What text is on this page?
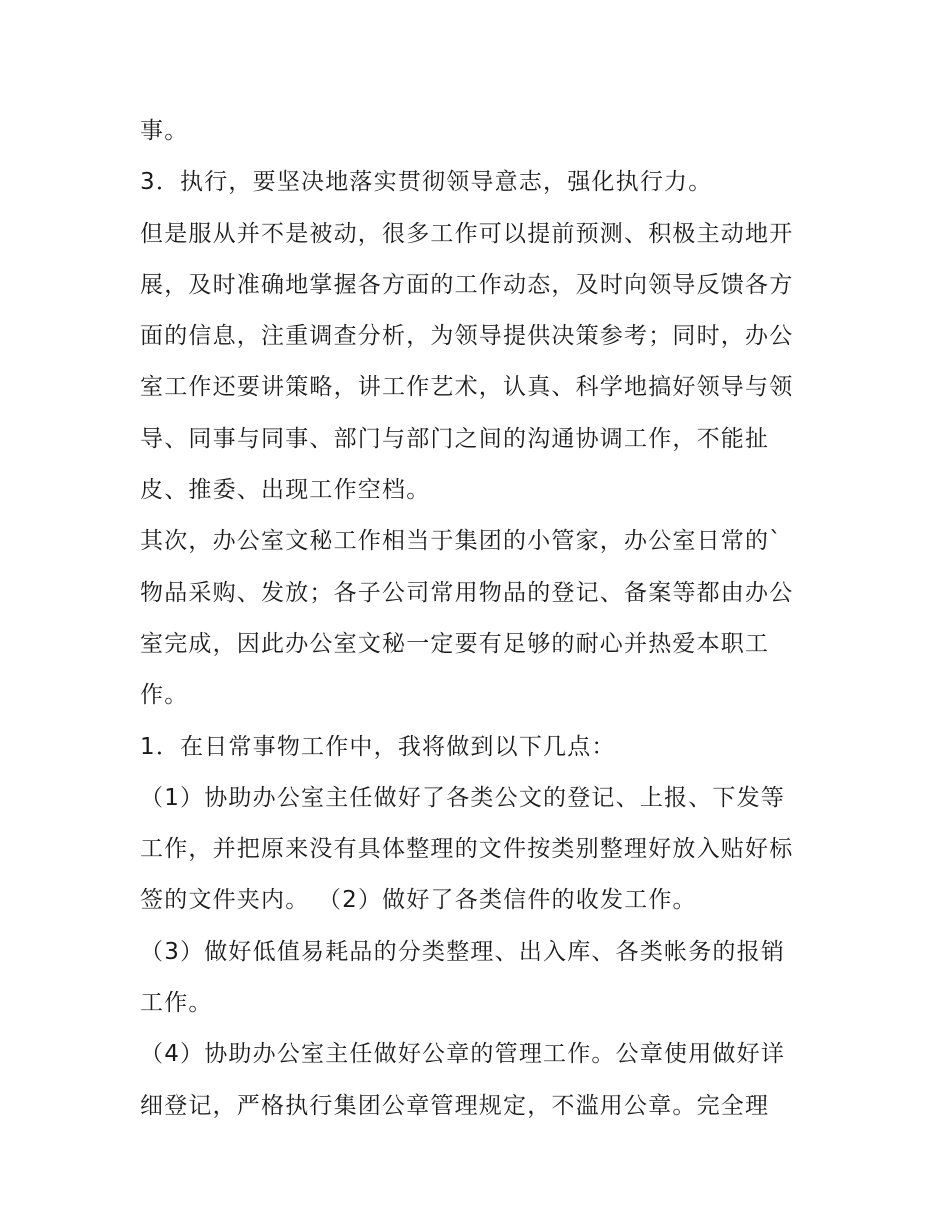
事。
3．执行，要坚决地落实贯彻领导意志，强化执行力。
但是服从并不是被动，很多工作可以提前预测、积极主动地开
展，及时准确地掌握各方面的工作动态，及时向领导反馈各方
面的信息，注重调查分析，为领导提供决策参考；同时，办公
室工作还要讲策略，讲工作艺术，认真、科学地搞好领导与领
导、同事与同事、部门与部门之间的沟通协调工作，不能扯
皮、推委、出现工作空档。
其次，办公室文秘工作相当于集团的小管家，办公室日常的`
物品采购、发放；各子公司常用物品的登记、备案等都由办公
室完成，因此办公室文秘一定要有足够的耐心并热爱本职工
作。
1．在日常事物工作中，我将做到以下几点：
（1）协助办公室主任做好了各类公文的登记、上报、下发等
工作，并把原来没有具体整理的文件按类别整理好放入贴好标
签的文件夹内。 （2）做好了各类信件的收发工作。
（3）做好低值易耗品的分类整理、出入库、各类帐务的报销
工作。
（4）协助办公室主任做好公章的管理工作。公章使用做好详
细登记，严格执行集团公章管理规定，不滥用公章。完全理
